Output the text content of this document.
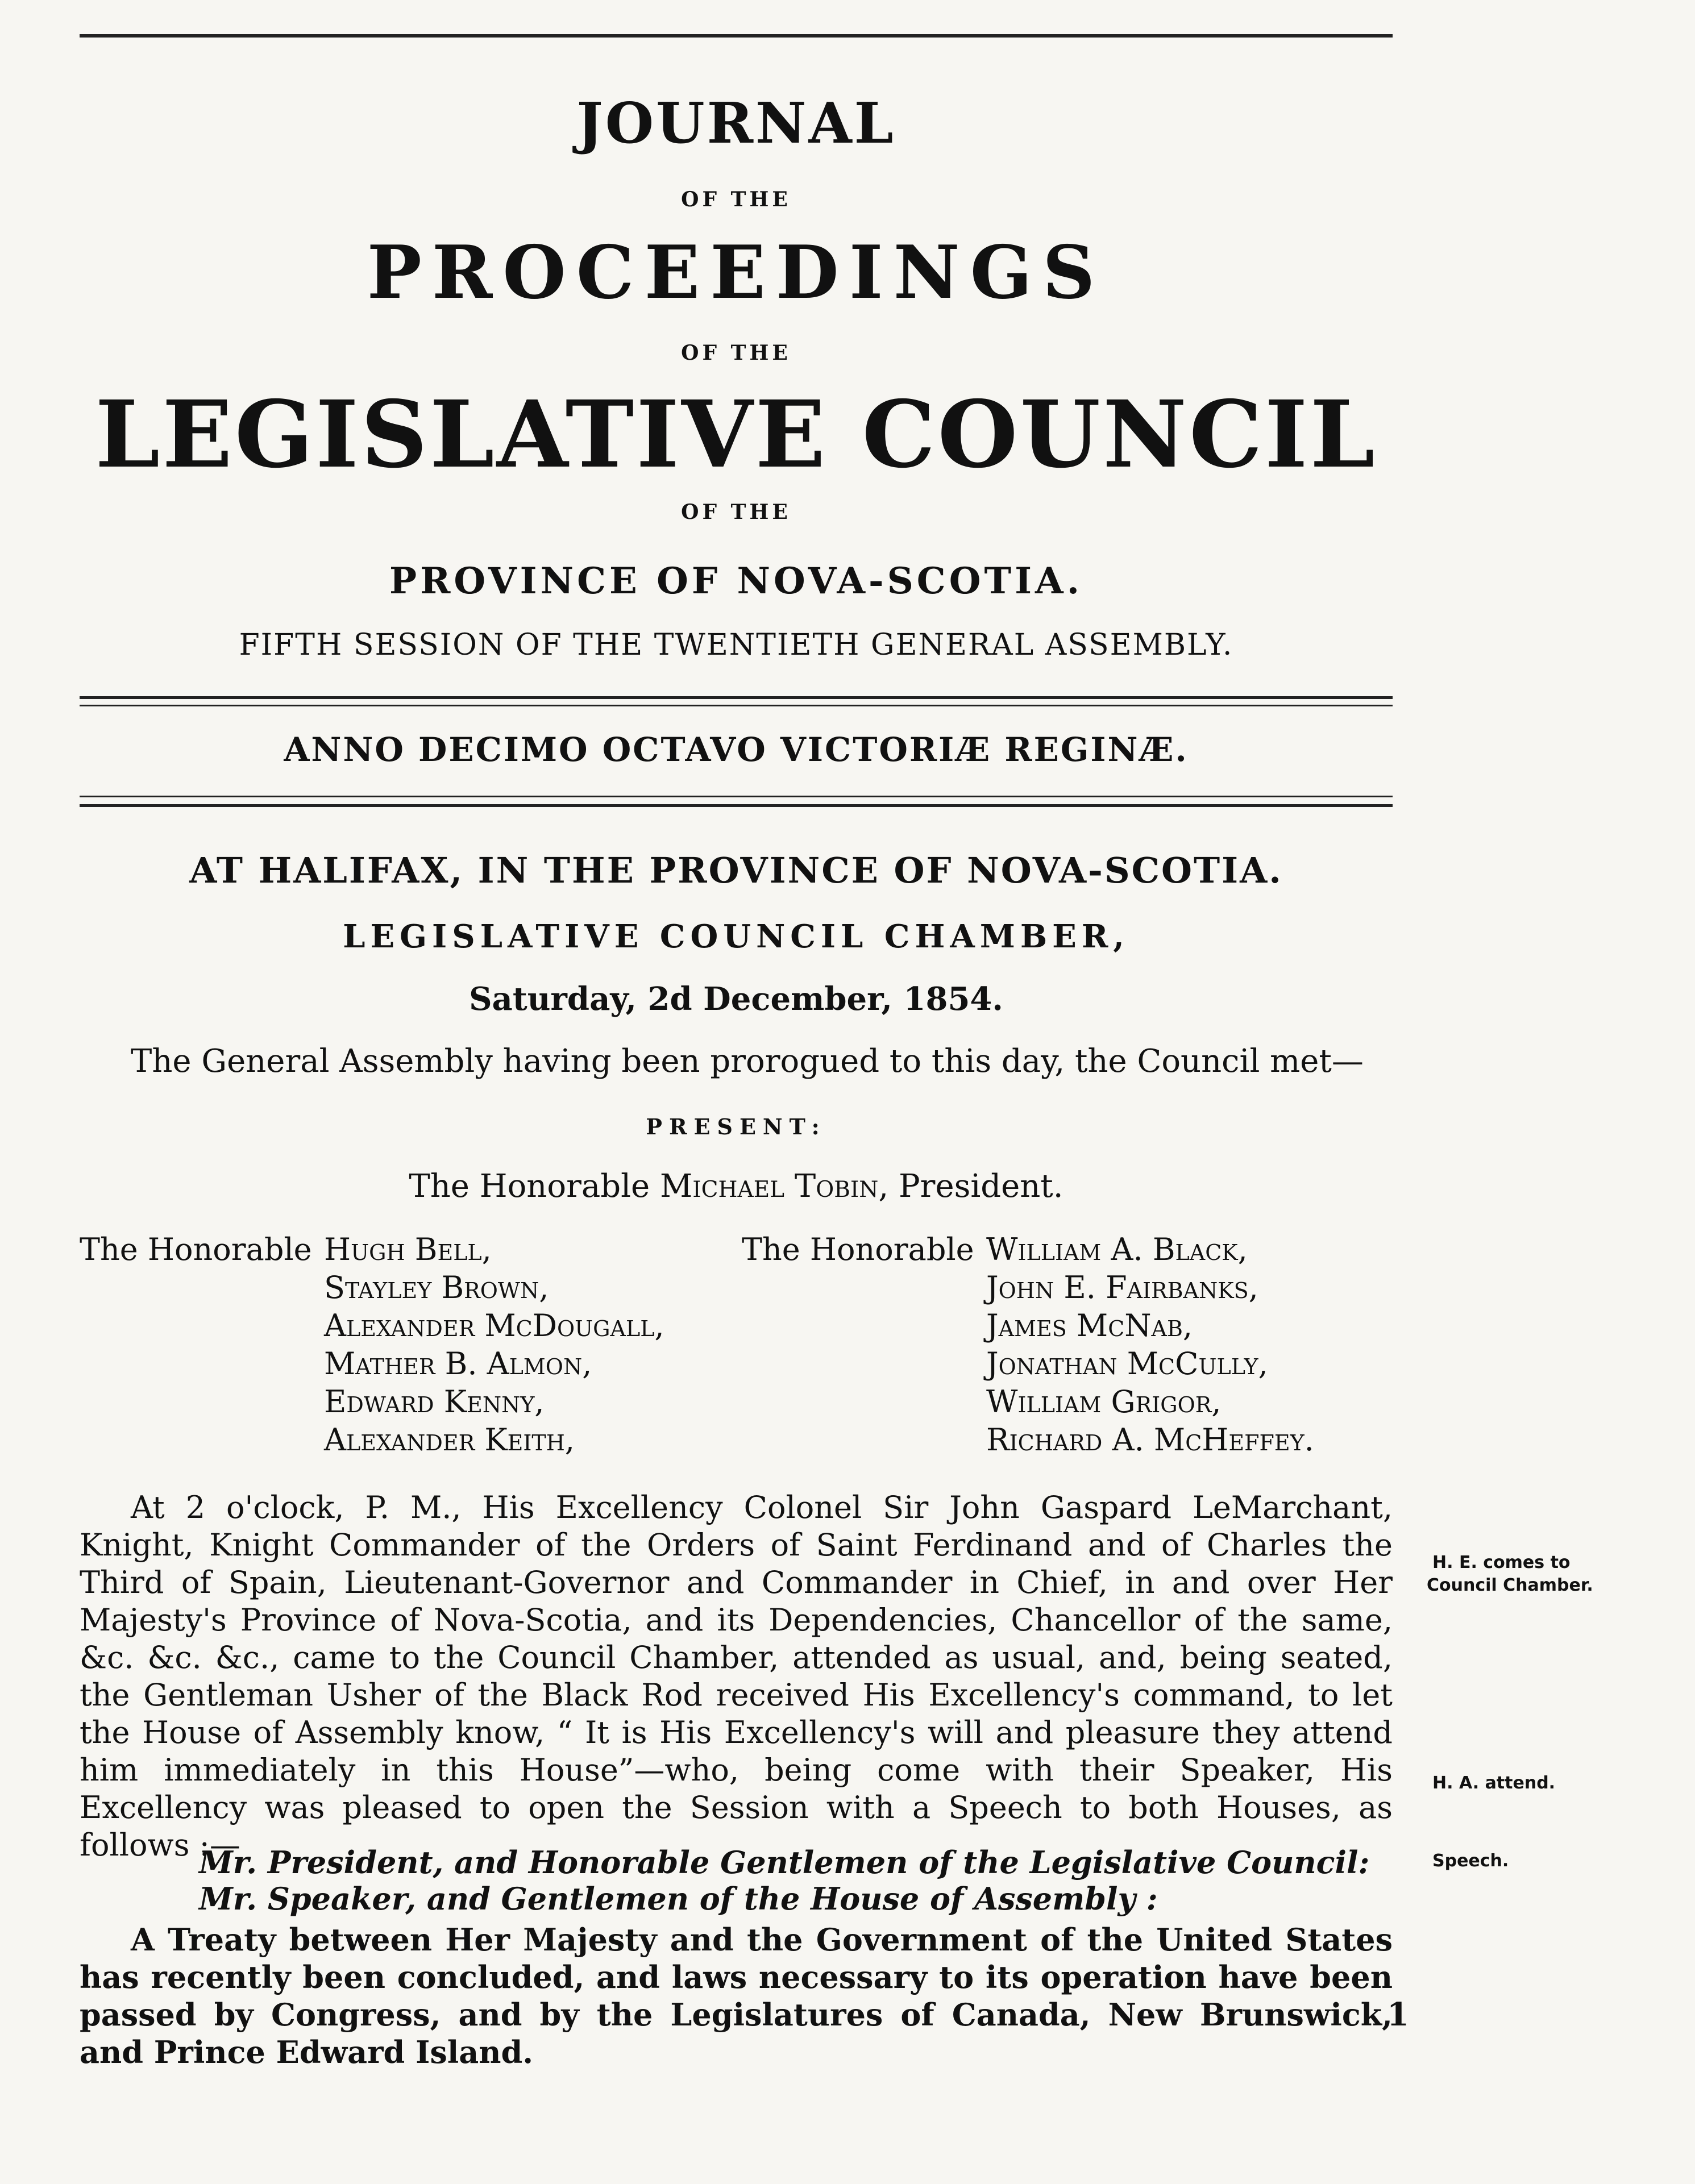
JOURNAL
OF THE
PROCEEDINGS
OF THE
LEGISLATIVE COUNCIL
OF THE
PROVINCE OF NOVA-SCOTIA.
FIFTH SESSION OF THE TWENTIETH GENERAL ASSEMBLY.
ANNO DECIMO OCTAVO VICTORIÆ REGINÆ.
AT HALIFAX, IN THE PROVINCE OF NOVA-SCOTIA.
LEGISLATIVE COUNCIL CHAMBER,
Saturday, 2d December, 1854.
The General Assembly having been prorogued to this day, the Council met—
PRESENT:
The Honorable Michael Tobin, President.
The Honorable Hugh Bell,
Stayley Brown,
Alexander McDougall,
Mather B. Almon,
Edward Kenny,
Alexander Keith,
The Honorable William A. Black,
John E. Fairbanks,
James McNab,
Jonathan McCully,
William Grigor,
Richard A. McHeffey.

At 2 o'clock, P. M., His Excellency Colonel Sir John Gaspard LeMarchant, Knight, Knight Commander of the Orders of Saint Ferdinand and of Charles the Third of Spain, Lieutenant-Governor and Commander in Chief, in and over Her Majesty's Province of Nova-Scotia, and its Dependencies, Chancellor of the same, &c. &c. &c., came to the Council Chamber, attended as usual, and, being seated, the Gentleman Usher of the Black Rod received His Excellency's command, to let the House of Assembly know, “ It is His Excellency's will and pleasure they attend him immediately in this House”—who, being come with their Speaker, His Excellency was pleased to open the Session with a Speech to both Houses, as follows :—

Mr. President, and Honorable Gentlemen of the Legislative Council:
Mr. Speaker, and Gentlemen of the House of Assembly :

A Treaty between Her Majesty and the Government of the United States has recently been concluded, and laws necessary to its operation have been passed by Congress, and by the Legislatures of Canada, New Brunswick, and Prince Edward Island.

1
H. E. comes to
Council Chamber.
H. A. attend.
Speech.
